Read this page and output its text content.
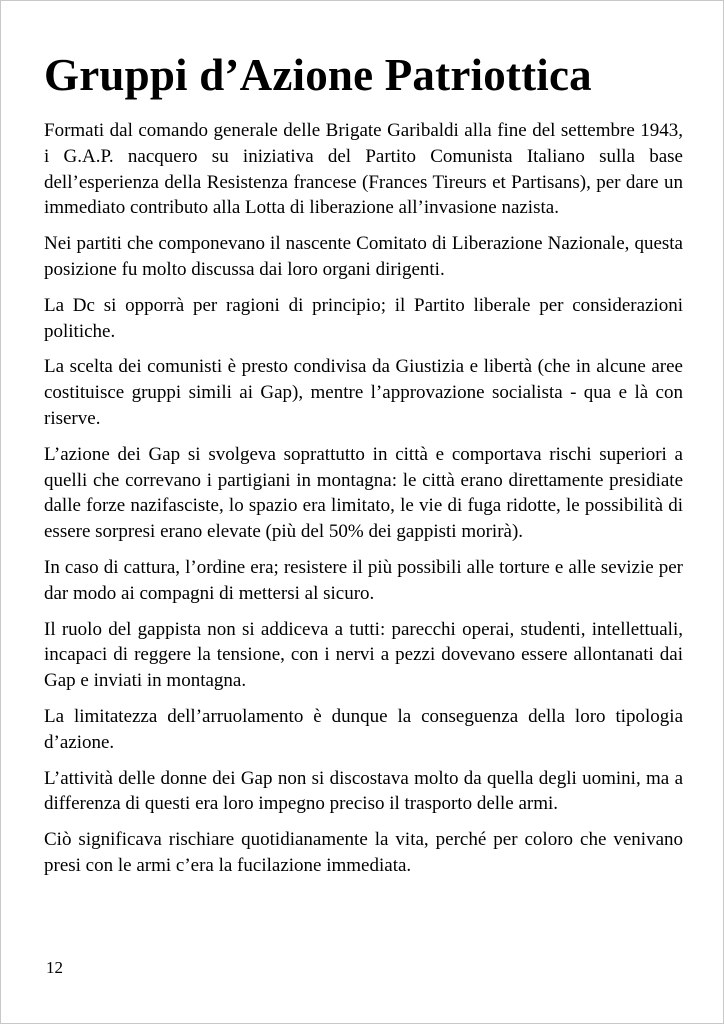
Gruppi d’Azione Patriottica

Formati dal comando generale delle Brigate Garibaldi alla fine del settembre 1943, i G.A.P. nacquero su iniziativa del Partito Comunista Italiano sulla base dell’esperienza della Resistenza francese (Frances Tireurs et Partisans), per dare un immediato contributo alla Lotta di liberazione all’invasione nazista.

Nei partiti che componevano il nascente Comitato di Liberazione Nazionale, questa posizione fu molto discussa dai loro organi dirigenti.

La Dc si opporrà per ragioni di principio; il Partito liberale per considerazioni politiche.

La scelta dei comunisti è presto condivisa da Giustizia e libertà (che in alcune aree costituisce gruppi simili ai Gap), mentre l’approvazione socialista - qua e là con riserve.

L’azione dei Gap si svolgeva soprattutto in città e comportava rischi superiori a quelli che correvano i partigiani in montagna: le città erano direttamente presidiate dalle forze nazifasciste, lo spazio era limitato, le vie di fuga ridotte, le possibilità di essere sorpresi erano elevate (più del 50% dei gappisti morirà).

In caso di cattura, l’ordine era; resistere il più possibili alle torture e alle sevizie per dar modo ai compagni di mettersi al sicuro.

Il ruolo del gappista non si addiceva a tutti: parecchi operai, studenti, intellettuali, incapaci di reggere la tensione, con i nervi a pezzi dovevano essere allontanati dai Gap e inviati in montagna.

La limitatezza dell’arruolamento è dunque la conseguenza della loro tipologia d’azione.

L’attività delle donne dei Gap non si discostava molto da quella degli uomini, ma a differenza di questi era loro impegno preciso il trasporto delle armi.

Ciò significava rischiare quotidianamente la vita, perché per coloro che venivano presi con le armi c’era la fucilazione immediata.

12
